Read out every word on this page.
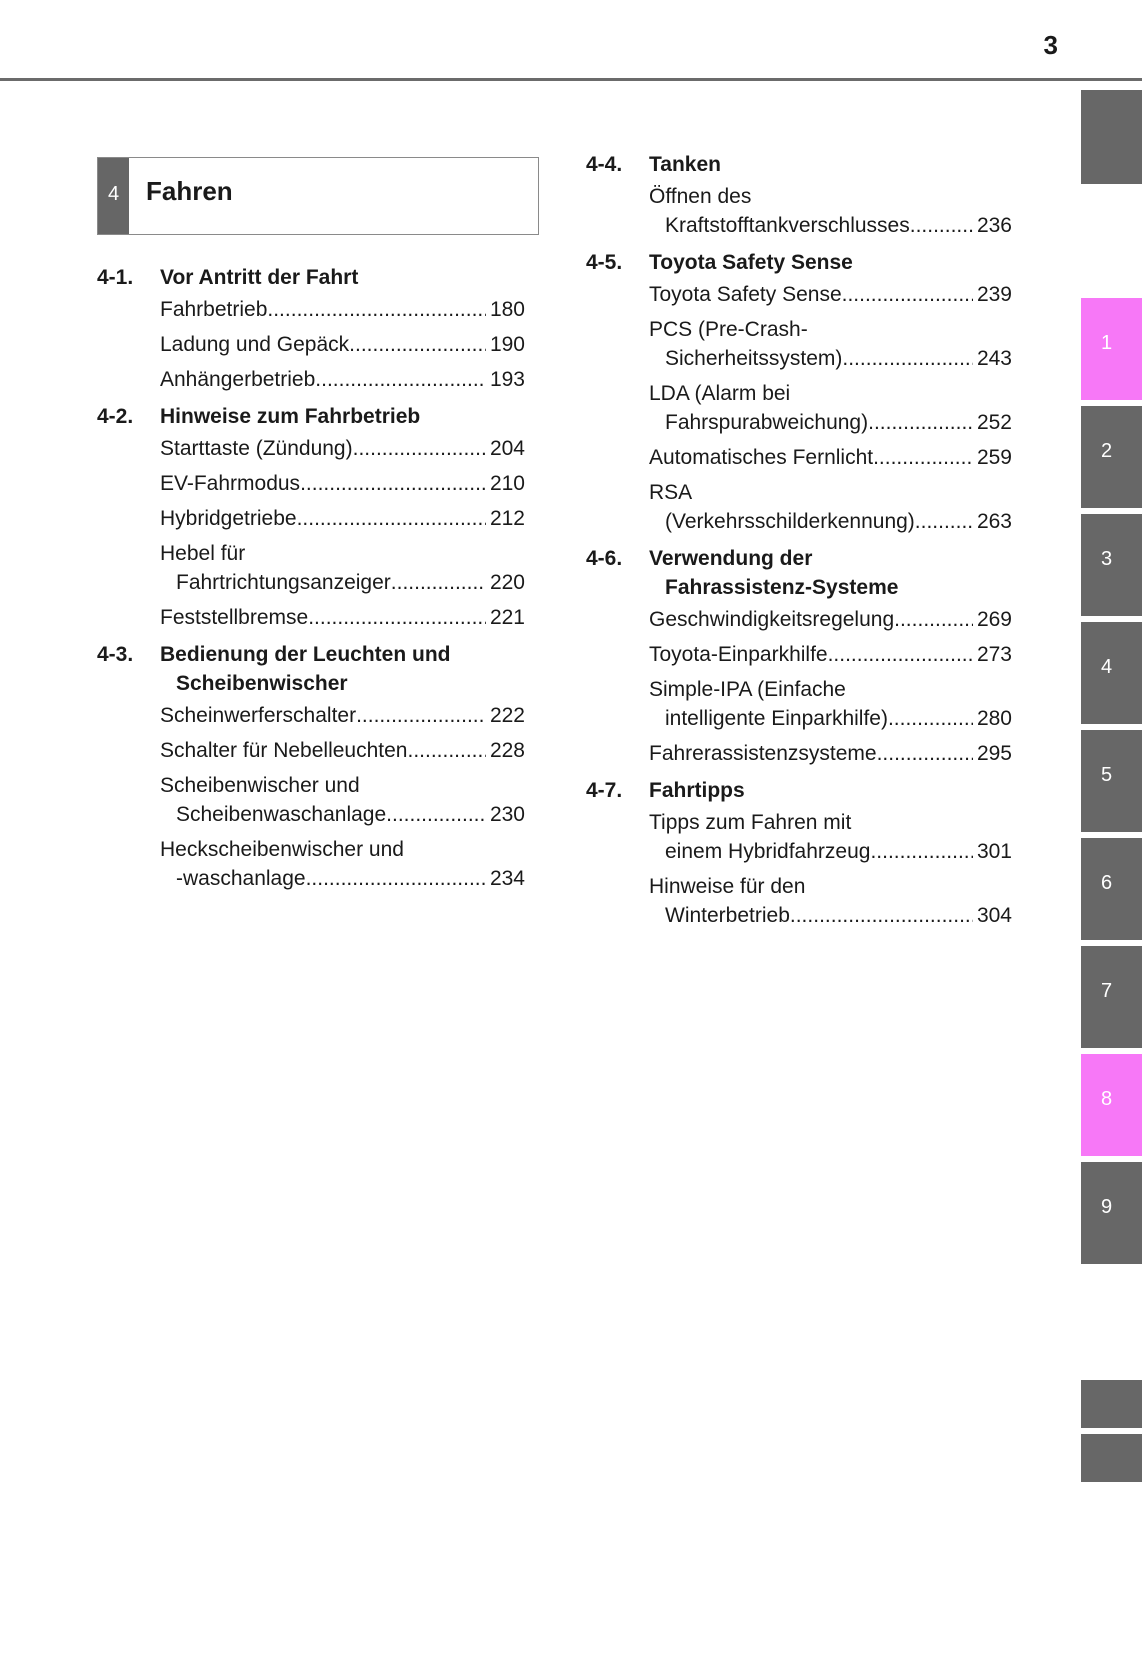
3
4	Fahren
4-1.	Vor Antritt der Fahrt
Fahrbetrieb .....	180
Ladung und Gepäck .....	190
Anhängerbetrieb .....	193
4-2.	Hinweise zum Fahrbetrieb
Starttaste (Zündung) .....	204
EV-Fahrmodus .....	210
Hybridgetriebe .....	212
Hebel für
Fahrtrichtungsanzeiger .....	220
Feststellbremse .....	221
4-3.	Bedienung der Leuchten und
Scheibenwischer
Scheinwerferschalter .....	222
Schalter für Nebelleuchten .....	228
Scheibenwischer und
Scheibenwaschanlage .....	230
Heckscheibenwischer und
-waschanlage .....	234
4-4.	Tanken
Öffnen des
Kraftstofftankverschlusses .....	236
4-5.	Toyota Safety Sense
Toyota Safety Sense .....	239
PCS (Pre-Crash-
Sicherheitssystem) .....	243
LDA (Alarm bei
Fahrspurabweichung) .....	252
Automatisches Fernlicht .....	259
RSA
(Verkehrsschilderkennung) .....	263
4-6.	Verwendung der
Fahrassistenz-Systeme
Geschwindigkeitsregelung .....	269
Toyota-Einparkhilfe .....	273
Simple-IPA (Einfache
intelligente Einparkhilfe) .....	280
Fahrerassistenzsysteme .....	295
4-7.	Fahrtipps
Tipps zum Fahren mit
einem Hybridfahrzeug .....	301
Hinweise für den
Winterbetrieb .....	304
1
2
3
4
5
6
7
8
9
